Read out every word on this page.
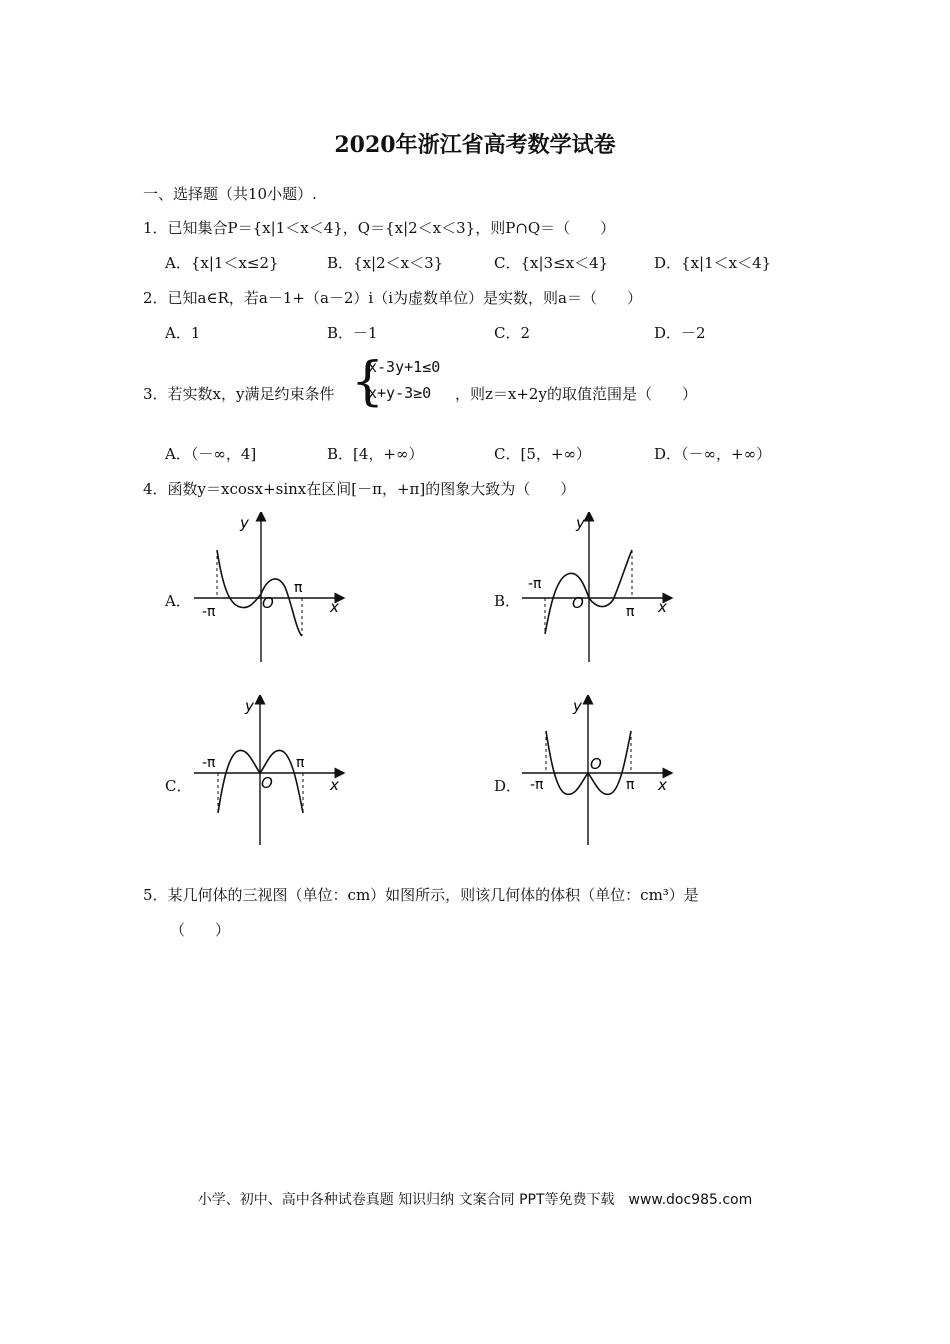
2020年浙江省高考数学试卷
一、选择题（共10小题）.
1．已知集合P＝{x|1＜x＜4}，Q＝{x|2＜x＜3}，则P∩Q＝（　　）
A．{x|1＜x≤2}	B．{x|2＜x＜3}	C．{x|3≤x＜4}	D．{x|1＜x＜4}
2．已知a∈R，若a－1+（a－2）i（i为虚数单位）是实数，则a＝（　　）
A．1	B．－1	C．2	D．－2
3．若实数x，y满足约束条件 {
x-3y+1≤0
x+y-3≥0 ，则z＝x+2y的取值范围是（　　）
A．（－∞，4]	B．[4，+∞）	C．[5，+∞）	D．（－∞，+∞）
4．函数y＝xcosx+sinx在区间[－π，+π]的图象大致为（　　）
A．	B．
C．	D．
-π
π
O
y
x
-π
π
O
y
x
-π	π
O
y
x	-π	π
O
y
x
5．某几何体的三视图（单位：cm）如图所示，则该几何体的体积（单位：cm³）是
（　　）
小学、初中、高中各种试卷真题 知识归纳 文案合同 PPT等免费下载　www.doc985.com
